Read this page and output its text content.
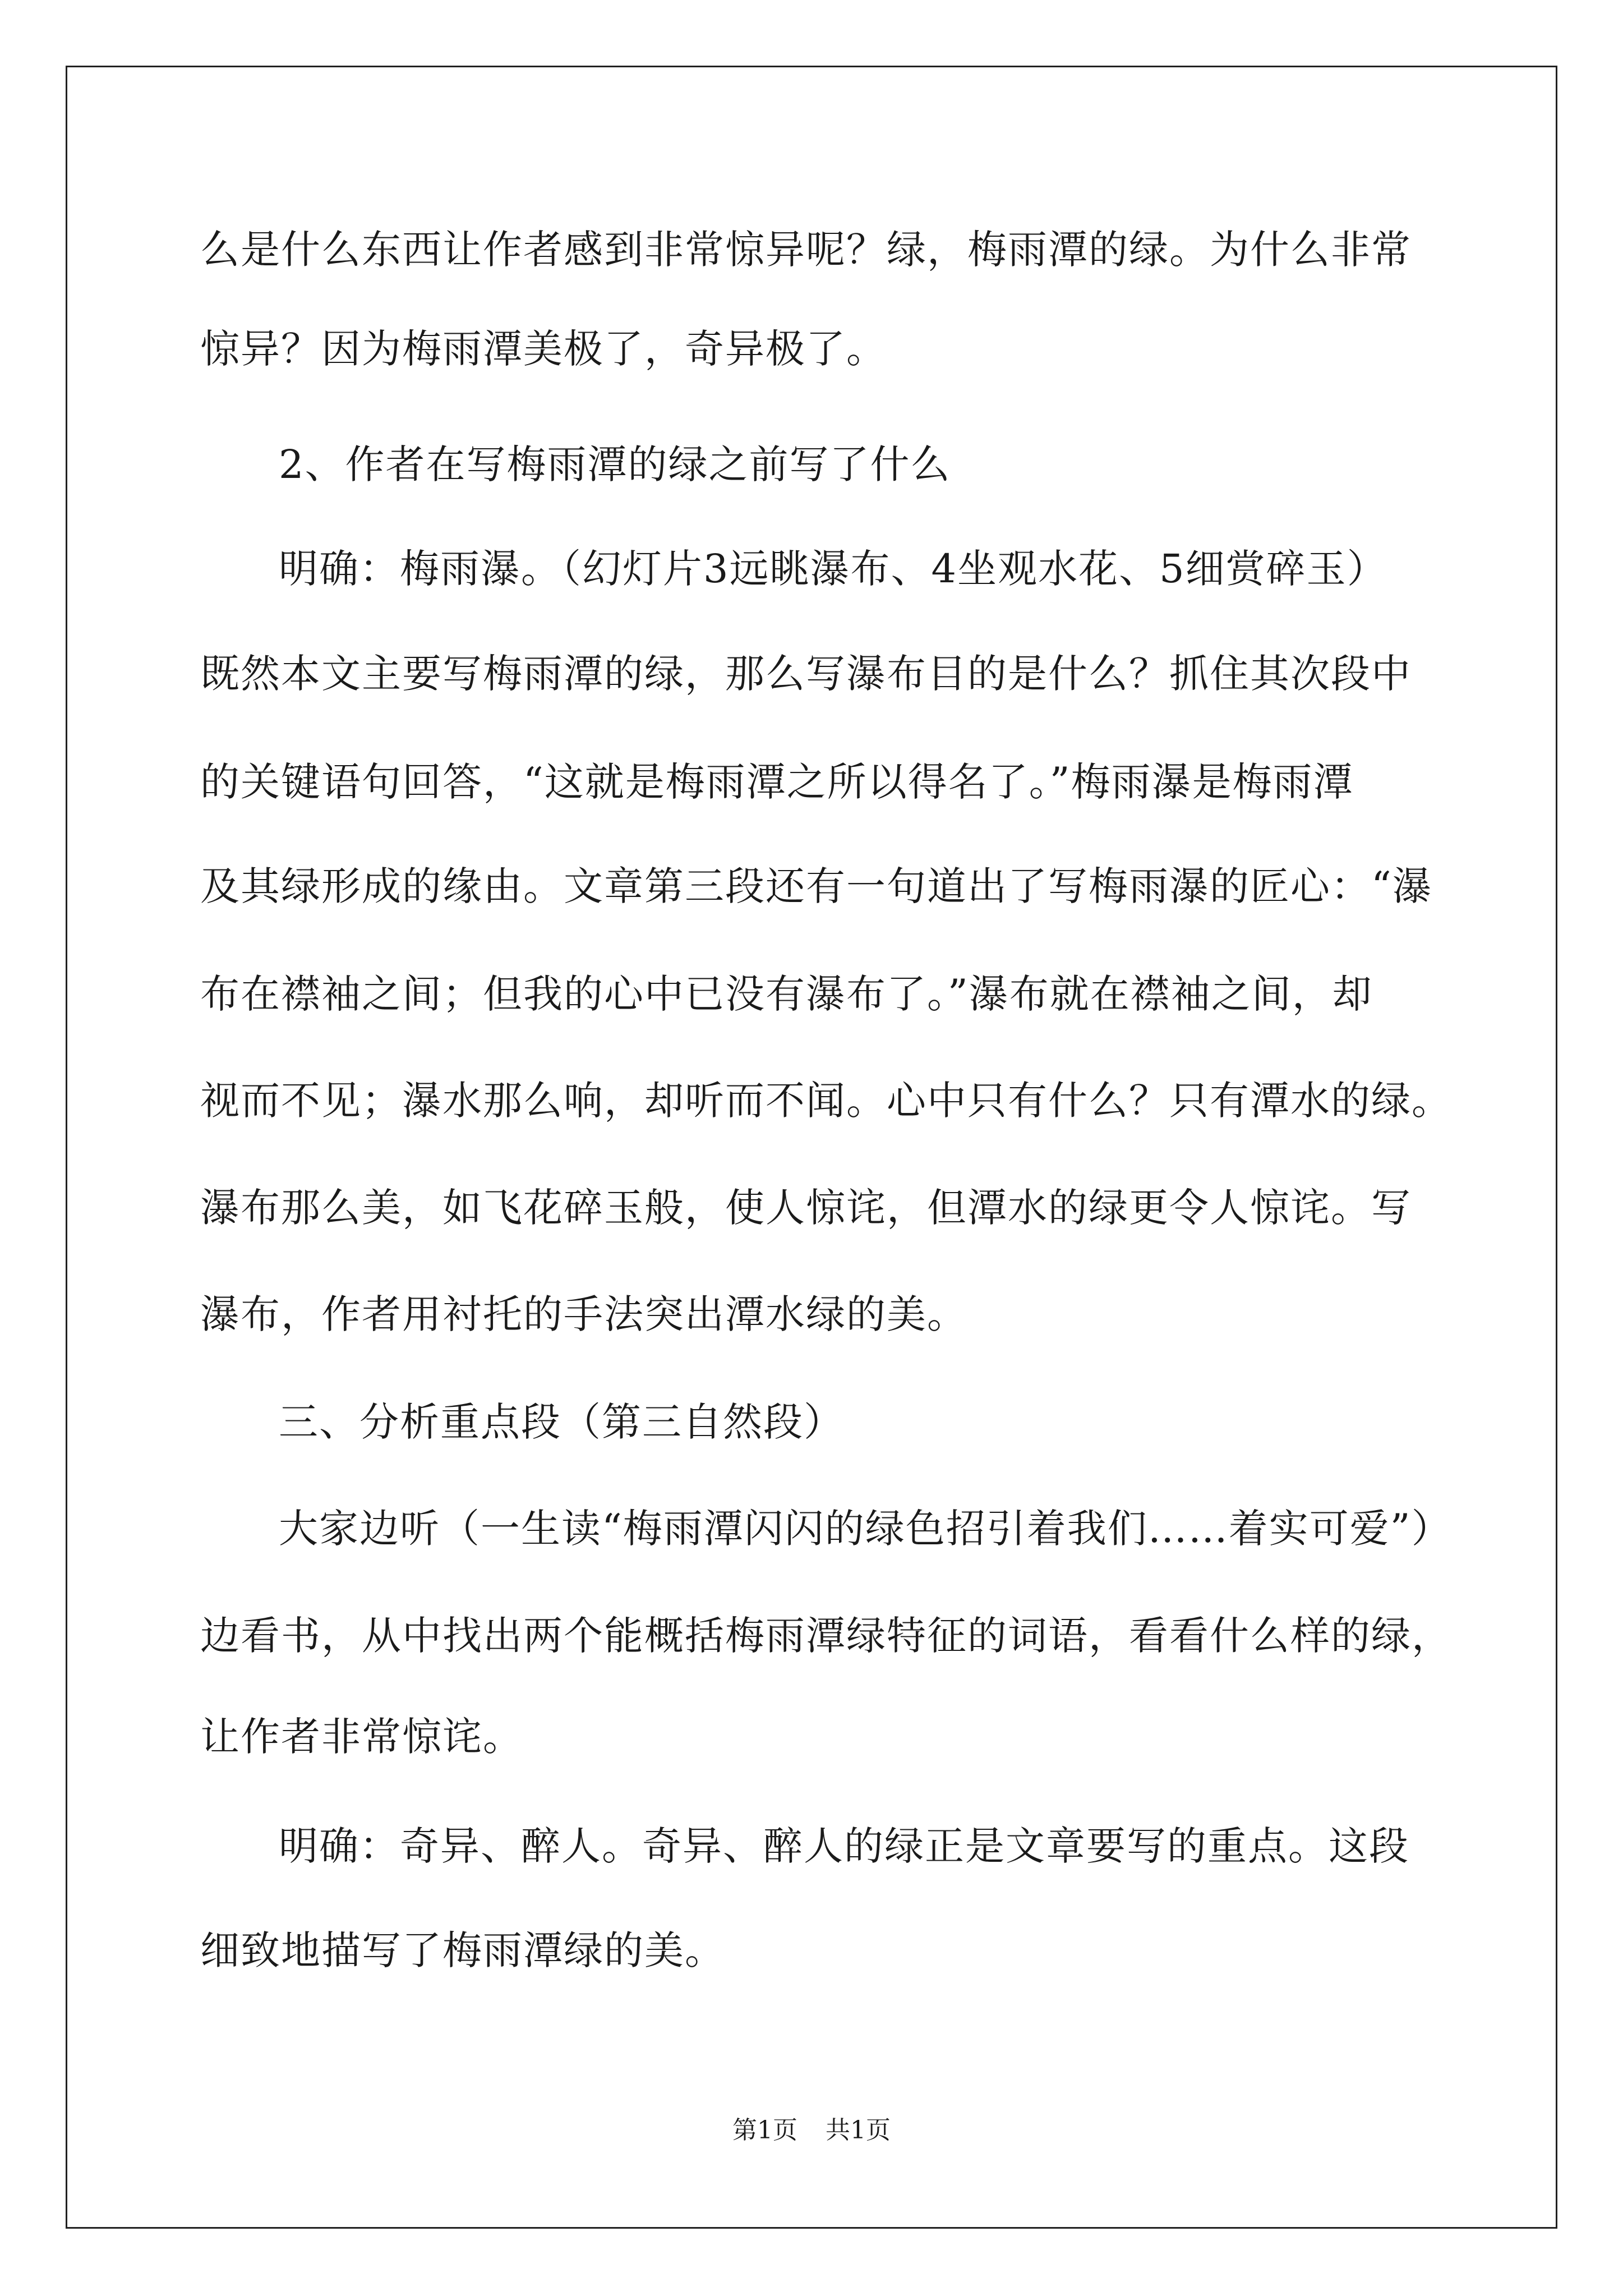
么是什么东西让作者感到非常惊异呢？绿，梅雨潭的绿。为什么非常
惊异？因为梅雨潭美极了，奇异极了。
2、作者在写梅雨潭的绿之前写了什么
明确：梅雨瀑。（幻灯片3远眺瀑布、4坐观水花、5细赏碎玉）
既然本文主要写梅雨潭的绿，那么写瀑布目的是什么？抓住其次段中
的关键语句回答，“这就是梅雨潭之所以得名了。”梅雨瀑是梅雨潭
及其绿形成的缘由。文章第三段还有一句道出了写梅雨瀑的匠心：“瀑
布在襟袖之间；但我的心中已没有瀑布了。”瀑布就在襟袖之间，却
视而不见；瀑水那么响，却听而不闻。心中只有什么？只有潭水的绿。
瀑布那么美，如飞花碎玉般，使人惊诧，但潭水的绿更令人惊诧。写
瀑布，作者用衬托的手法突出潭水绿的美。
三、分析重点段（第三自然段）
大家边听（一生读“梅雨潭闪闪的绿色招引着我们……着实可爱”）
边看书，从中找出两个能概括梅雨潭绿特征的词语，看看什么样的绿，
让作者非常惊诧。
明确：奇异、醉人。奇异、醉人的绿正是文章要写的重点。这段
细致地描写了梅雨潭绿的美。
第1页 共1页
